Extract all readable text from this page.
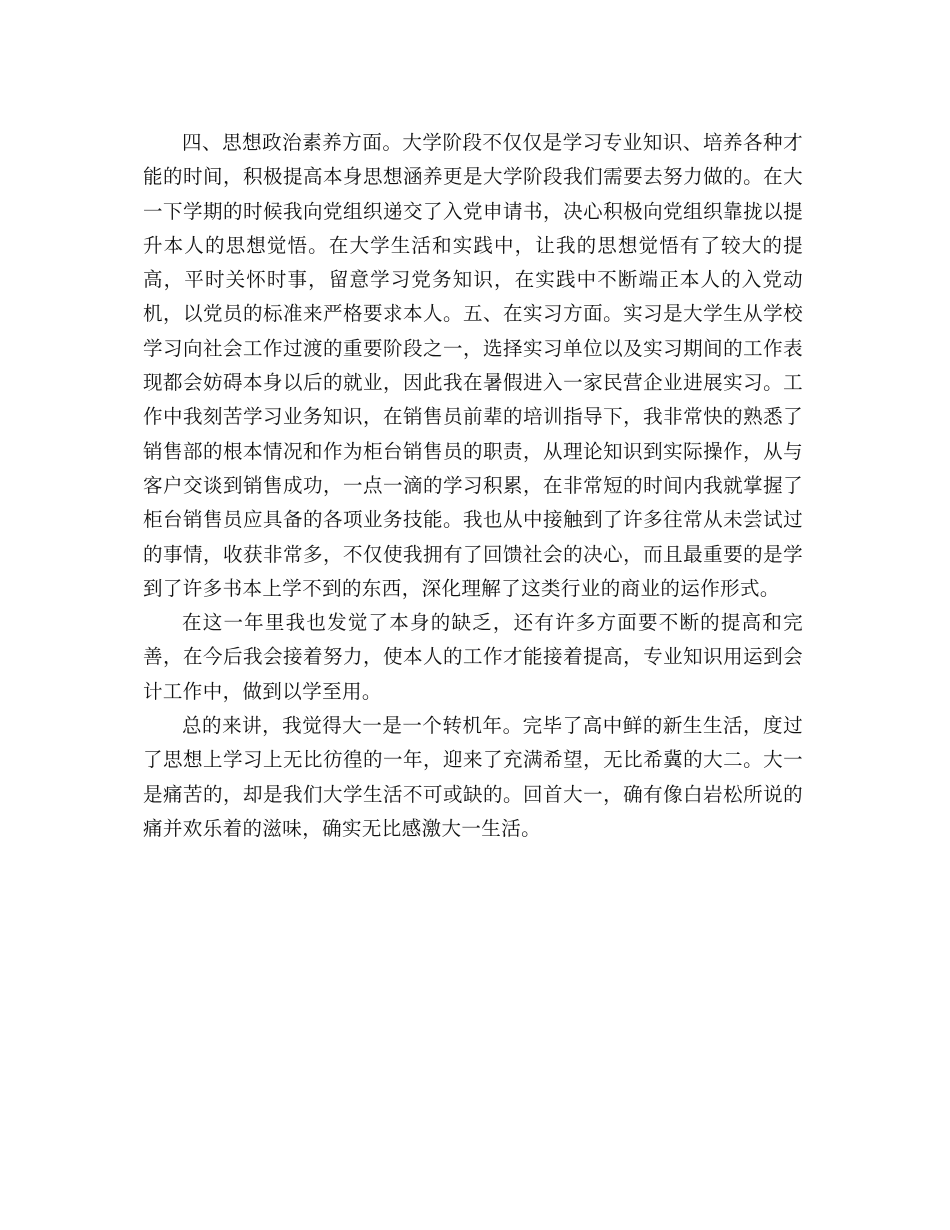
四、思想政治素养方面。大学阶段不仅仅是学习专业知识、培养各种才能的时间，积极提高本身思想涵养更是大学阶段我们需要去努力做的。在大一下学期的时候我向党组织递交了入党申请书，决心积极向党组织靠拢以提升本人的思想觉悟。在大学生活和实践中，让我的思想觉悟有了较大的提高，平时关怀时事，留意学习党务知识，在实践中不断端正本人的入党动机，以党员的标准来严格要求本人。五、在实习方面。实习是大学生从学校学习向社会工作过渡的重要阶段之一，选择实习单位以及实习期间的工作表现都会妨碍本身以后的就业，因此我在暑假进入一家民营企业进展实习。工作中我刻苦学习业务知识，在销售员前辈的培训指导下，我非常快的熟悉了销售部的根本情况和作为柜台销售员的职责，从理论知识到实际操作，从与客户交谈到销售成功，一点一滴的学习积累，在非常短的时间内我就掌握了柜台销售员应具备的各项业务技能。我也从中接触到了许多往常从未尝试过的事情，收获非常多，不仅使我拥有了回馈社会的决心，而且最重要的是学到了许多书本上学不到的东西，深化理解了这类行业的商业的运作形式。

在这一年里我也发觉了本身的缺乏，还有许多方面要不断的提高和完善，在今后我会接着努力，使本人的工作才能接着提高，专业知识用运到会计工作中，做到以学至用。

总的来讲，我觉得大一是一个转机年。完毕了高中鲜的新生生活，度过了思想上学习上无比彷徨的一年，迎来了充满希望，无比希冀的大二。大一是痛苦的，却是我们大学生活不可或缺的。回首大一，确有像白岩松所说的痛并欢乐着的滋味，确实无比感激大一生活。
